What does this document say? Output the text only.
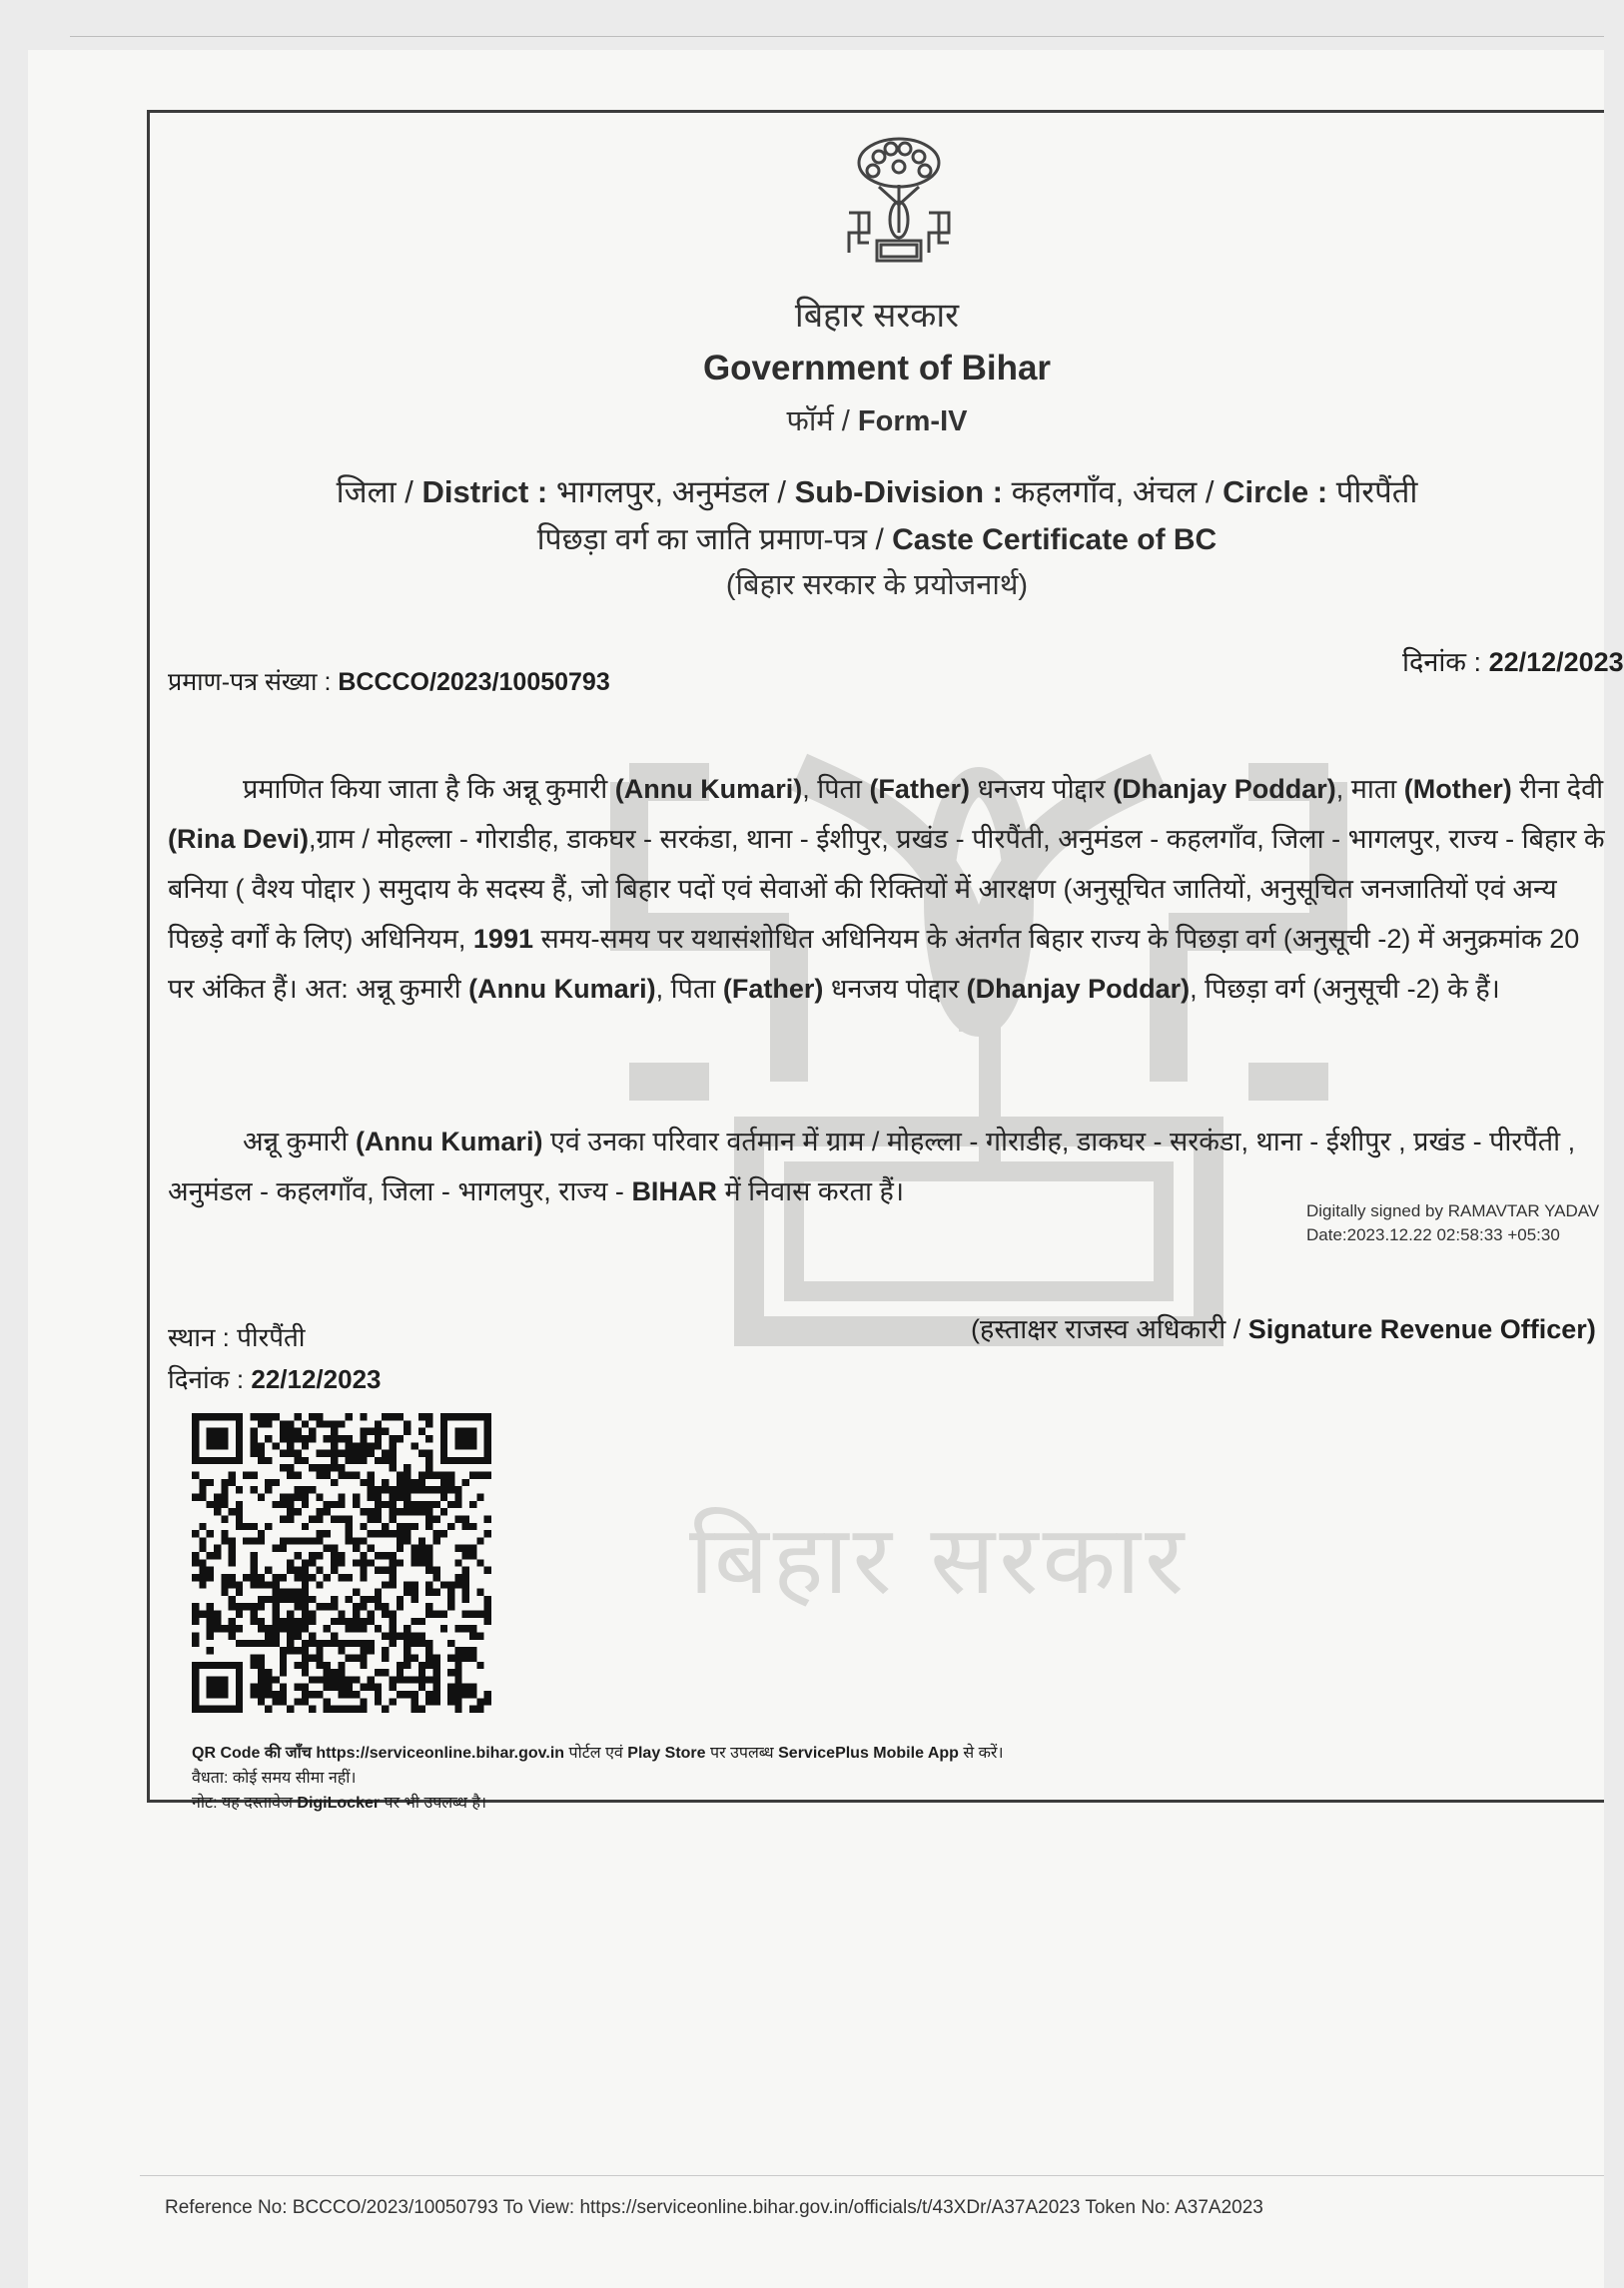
बिहार सरकार
बिहार सरकार
Government of Bihar
फॉर्म / Form-IV
जिला / District : भागलपुर, अनुमंडल / Sub-Division : कहलगाँव, अंचल / Circle : पीरपैंती
पिछड़ा वर्ग का जाति प्रमाण-पत्र / Caste Certificate of BC
(बिहार सरकार के प्रयोजनार्थ)
दिनांक : 22/12/2023
प्रमाण-पत्र संख्या : BCCCO/2023/10050793
प्रमाणित किया जाता है कि अन्नू कुमारी (Annu Kumari), पिता (Father) धनजय पोद्दार (Dhanjay Poddar), माता (Mother) रीना देवी (Rina Devi),ग्राम / मोहल्ला - गोराडीह, डाकघर - सरकंडा, थाना - ईशीपुर, प्रखंड - पीरपैंती, अनुमंडल - कहलगाँव, जिला - भागलपुर, राज्य - बिहार के बनिया ( वैश्य पोद्दार ) समुदाय के सदस्य हैं, जो बिहार पदों एवं सेवाओं की रिक्तियों में आरक्षण (अनुसूचित जातियों, अनुसूचित जनजातियों एवं अन्य पिछड़े वर्गों के लिए) अधिनियम, 1991 समय-समय पर यथासंशोधित अधिनियम के अंतर्गत बिहार राज्य के पिछड़ा वर्ग (अनुसूची -2) में अनुक्रमांक 20 पर अंकित हैं। अत: अन्नू कुमारी (Annu Kumari), पिता (Father) धनजय पोद्दार (Dhanjay Poddar), पिछड़ा वर्ग (अनुसूची -2) के हैं।
अन्नू कुमारी (Annu Kumari) एवं उनका परिवार वर्तमान में ग्राम / मोहल्ला - गोराडीह, डाकघर - सरकंडा, थाना - ईशीपुर , प्रखंड - पीरपैंती , अनुमंडल - कहलगाँव, जिला - भागलपुर, राज्य - BIHAR में निवास करता हैं।
Digitally signed by RAMAVTAR YADAV
Date:2023.12.22 02:58:33 +05:30
स्थान : पीरपैंती
दिनांक : 22/12/2023
(हस्ताक्षर राजस्व अधिकारी / Signature Revenue Officer)
QR Code की जाँच https://serviceonline.bihar.gov.in पोर्टल एवं Play Store पर उपलब्ध ServicePlus Mobile App से करें।
वैधता: कोई समय सीमा नहीं।
नोट: यह दस्तावेज DigiLocker पर भी उपलब्ध है।
Reference No: BCCCO/2023/10050793 To View: https://serviceonline.bihar.gov.in/officials/t/43XDr/A37A2023 Token No: A37A2023
